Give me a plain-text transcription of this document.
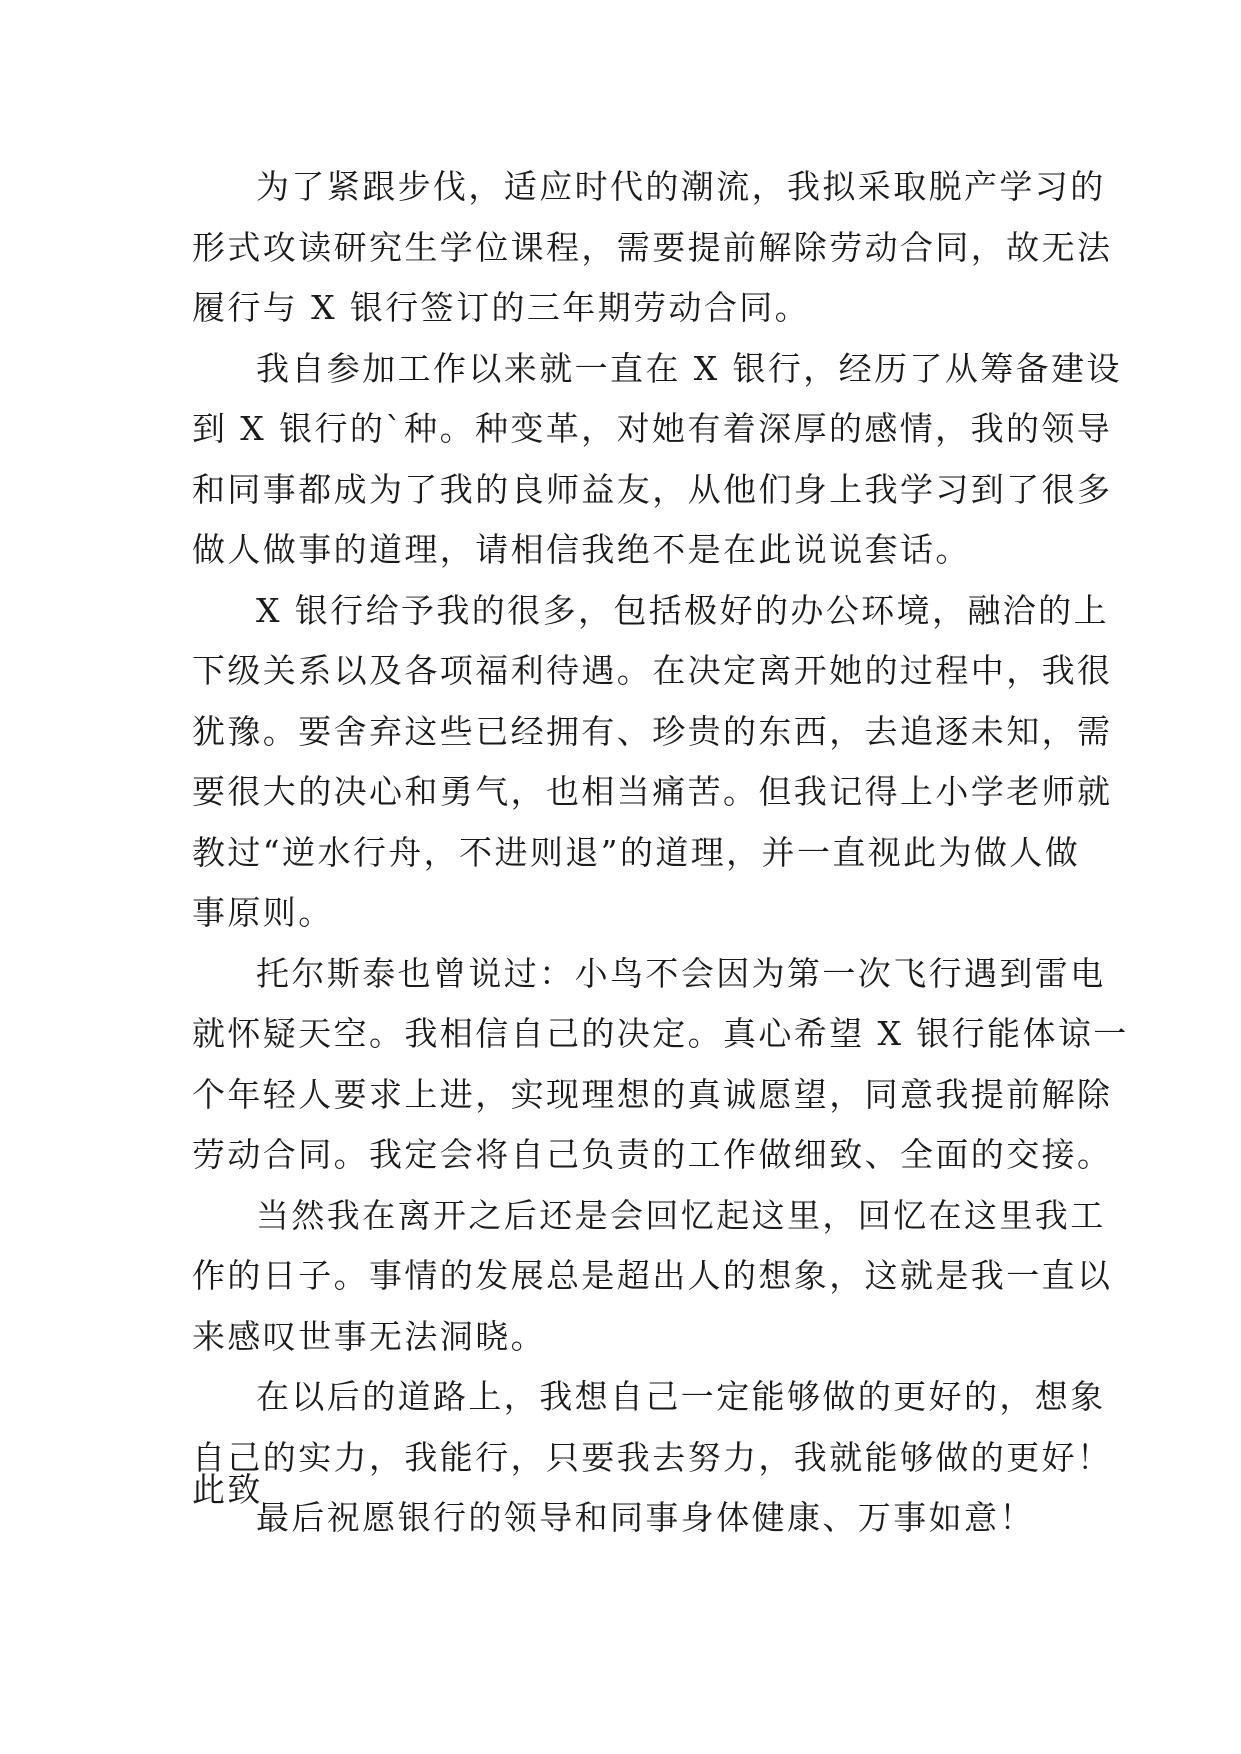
为了紧跟步伐，适应时代的潮流，我拟采取脱产学习的
形式攻读研究生学位课程，需要提前解除劳动合同，故无法
履行与 X 银行签订的三年期劳动合同。
我自参加工作以来就一直在 X 银行，经历了从筹备建设
到 X 银行的`种。种变革，对她有着深厚的感情，我的领导
和同事都成为了我的良师益友，从他们身上我学习到了很多
做人做事的道理，请相信我绝不是在此说说套话。
X 银行给予我的很多，包括极好的办公环境，融洽的上
下级关系以及各项福利待遇。在决定离开她的过程中，我很
犹豫。要舍弃这些已经拥有、珍贵的东西，去追逐未知，需
要很大的决心和勇气，也相当痛苦。但我记得上小学老师就
教过“逆水行舟，不进则退”的道理，并一直视此为做人做
事原则。
托尔斯泰也曾说过：小鸟不会因为第一次飞行遇到雷电
就怀疑天空。我相信自己的决定。真心希望 X 银行能体谅一
个年轻人要求上进，实现理想的真诚愿望，同意我提前解除
劳动合同。我定会将自己负责的工作做细致、全面的交接。
当然我在离开之后还是会回忆起这里，回忆在这里我工
作的日子。事情的发展总是超出人的想象，这就是我一直以
来感叹世事无法洞晓。
在以后的道路上，我想自己一定能够做的更好的，想象
自己的实力，我能行，只要我去努力，我就能够做的更好！
最后祝愿银行的领导和同事身体健康、万事如意！
此致
